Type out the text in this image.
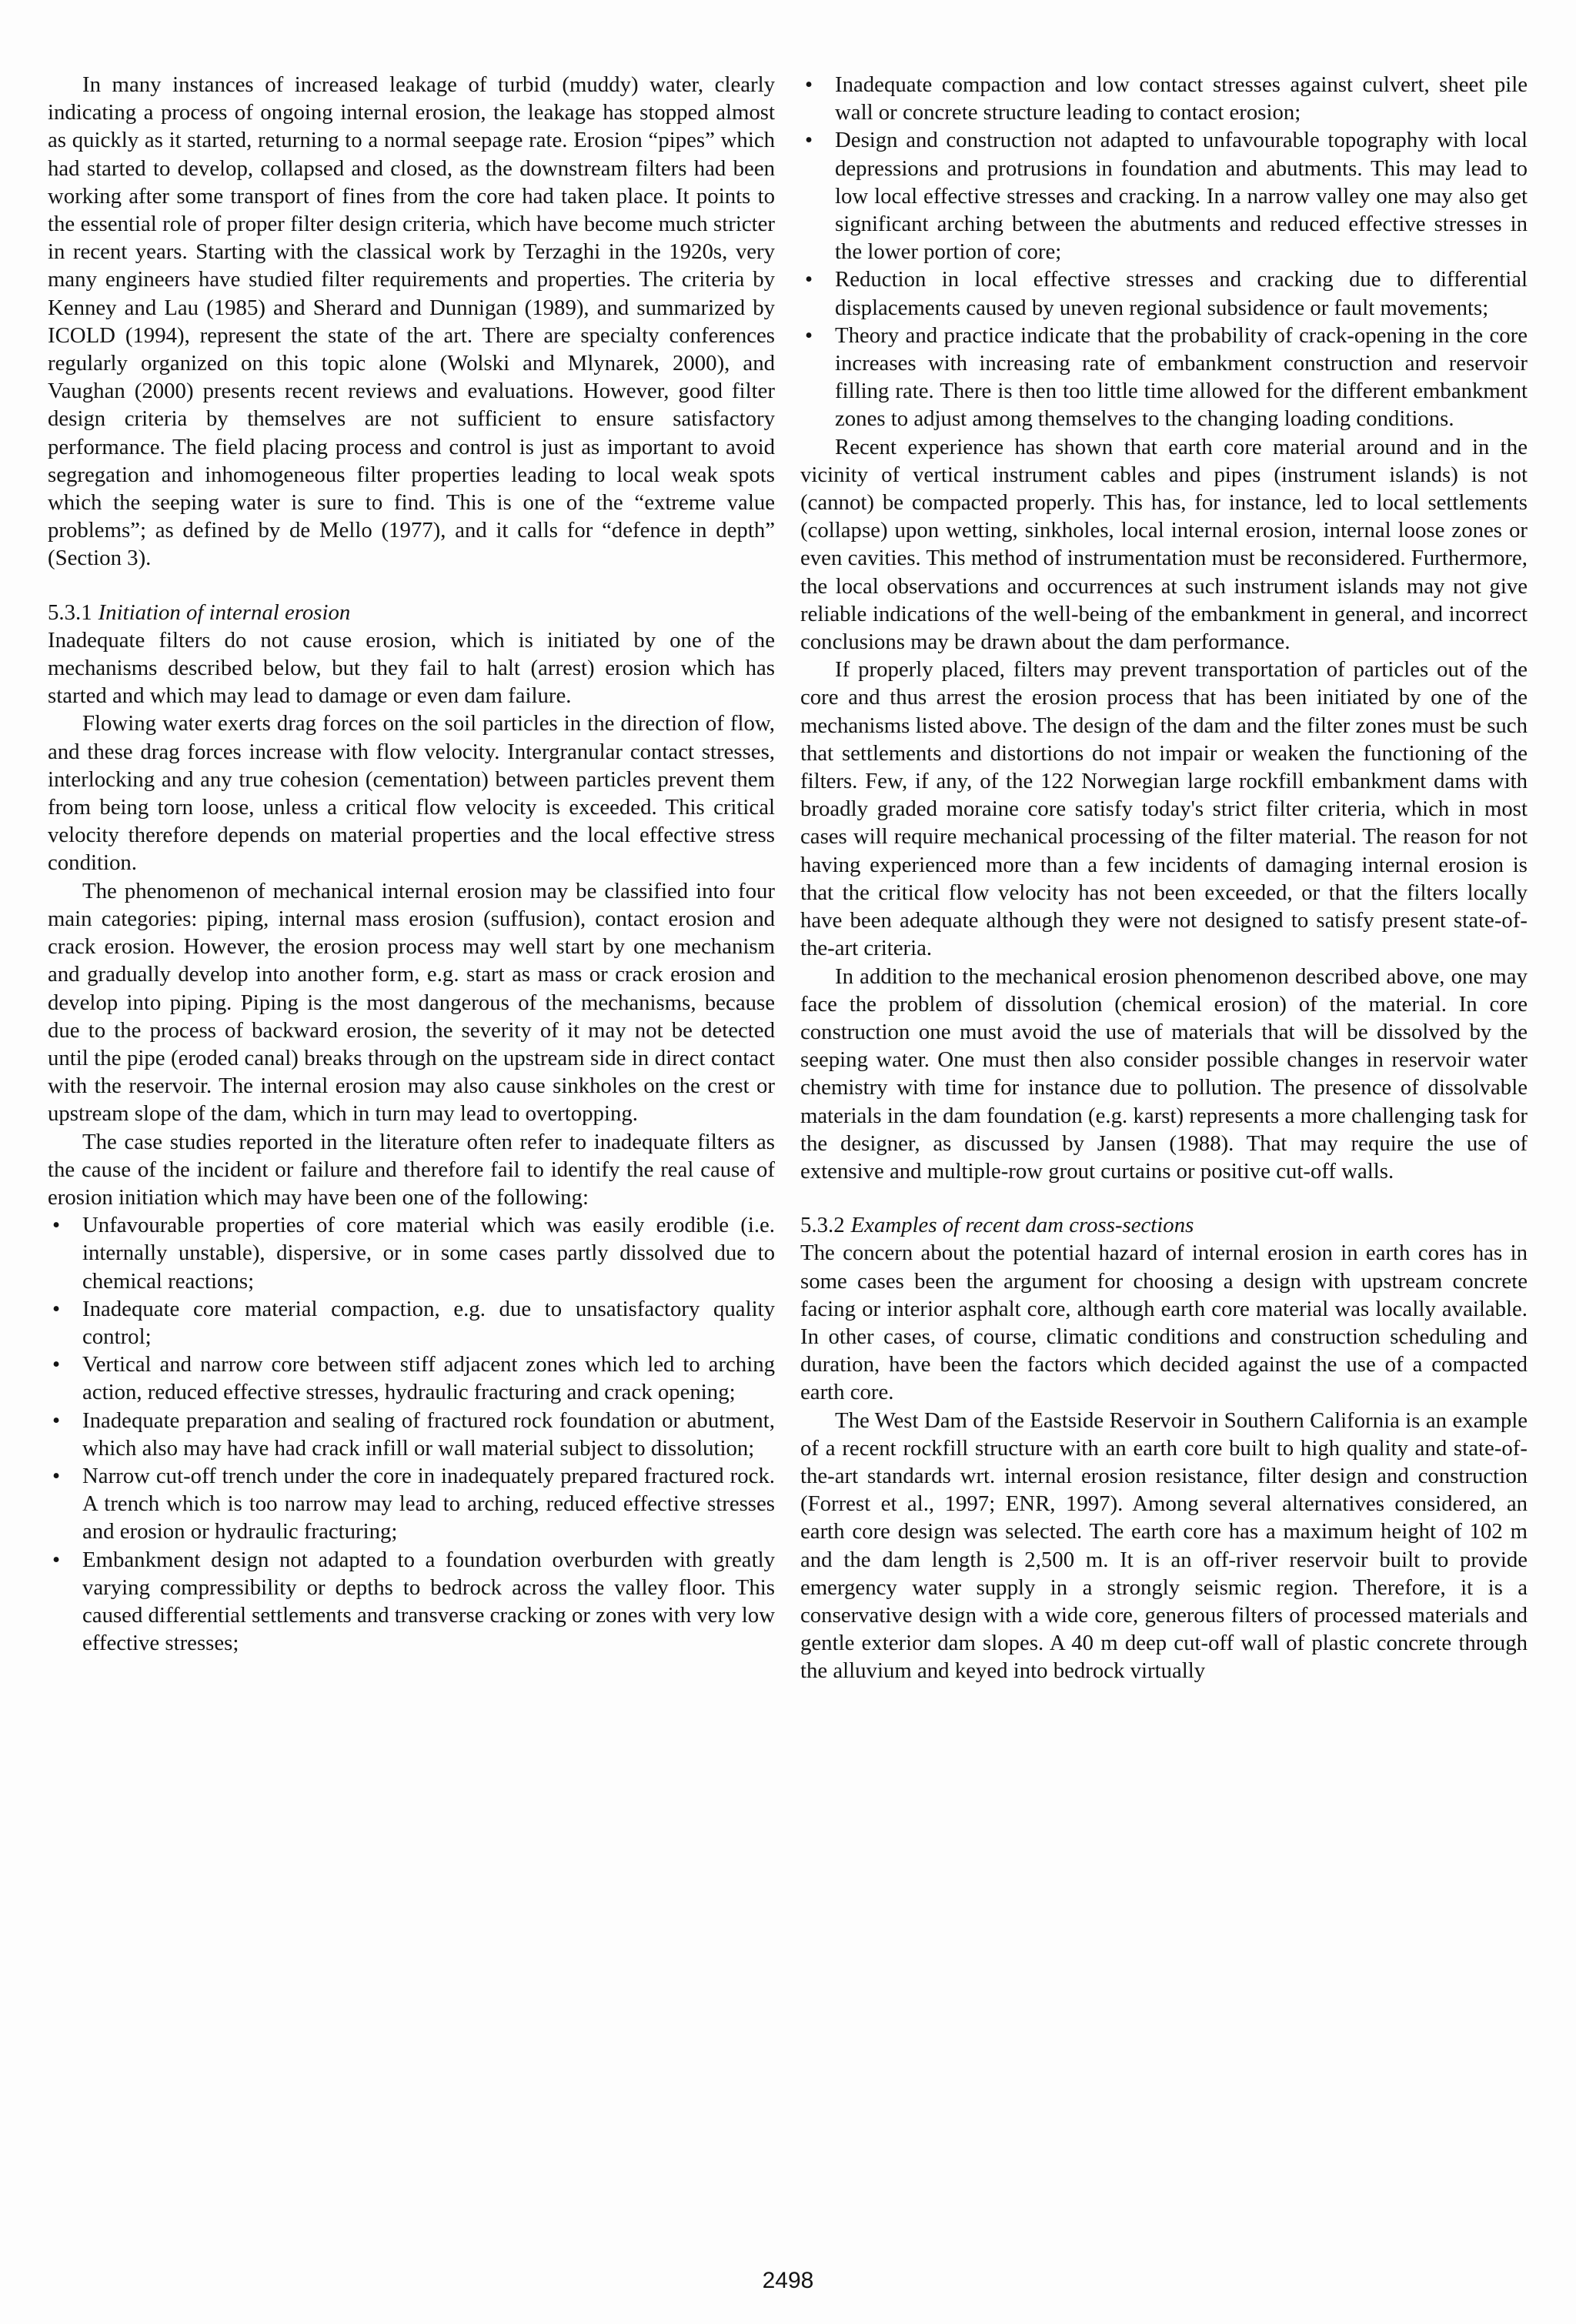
In many instances of increased leakage of turbid (muddy) water, clearly indicating a process of ongoing internal erosion, the leakage has stopped almost as quickly as it started, returning to a normal seepage rate. Erosion “pipes” which had started to develop, collapsed and closed, as the downstream filters had been working after some transport of fines from the core had taken place. It points to the essential role of proper filter design criteria, which have become much stricter in recent years. Starting with the classical work by Terzaghi in the 1920s, very many engineers have studied filter requirements and properties. The criteria by Kenney and Lau (1985) and Sherard and Dunnigan (1989), and summarized by ICOLD (1994), represent the state of the art. There are specialty conferences regularly organized on this topic alone (Wolski and Mlynarek, 2000), and Vaughan (2000) presents recent reviews and evaluations. However, good filter design criteria by themselves are not sufficient to ensure satisfactory performance. The field placing process and control is just as important to avoid segregation and inhomogeneous filter properties leading to local weak spots which the seeping water is sure to find. This is one of the “extreme value problems”; as defined by de Mello (1977), and it calls for “defence in depth” (Section 3).

5.3.1 Initiation of internal erosion

Inadequate filters do not cause erosion, which is initiated by one of the mechanisms described below, but they fail to halt (arrest) erosion which has started and which may lead to damage or even dam failure.

Flowing water exerts drag forces on the soil particles in the direction of flow, and these drag forces increase with flow velocity. Intergranular contact stresses, interlocking and any true cohesion (cementation) between particles prevent them from being torn loose, unless a critical flow velocity is exceeded. This critical velocity therefore depends on material properties and the local effective stress condition.

The phenomenon of mechanical internal erosion may be classified into four main categories: piping, internal mass erosion (suffusion), contact erosion and crack erosion. However, the erosion process may well start by one mechanism and gradually develop into another form, e.g. start as mass or crack erosion and develop into piping. Piping is the most dangerous of the mechanisms, because due to the process of backward erosion, the severity of it may not be detected until the pipe (eroded canal) breaks through on the upstream side in direct contact with the reservoir. The internal erosion may also cause sinkholes on the crest or upstream slope of the dam, which in turn may lead to overtopping.

The case studies reported in the literature often refer to inadequate filters as the cause of the incident or failure and therefore fail to identify the real cause of erosion initiation which may have been one of the following:

• Unfavourable properties of core material which was easily erodible (i.e. internally unstable), dispersive, or in some cases partly dissolved due to chemical reactions;
• Inadequate core material compaction, e.g. due to unsatisfactory quality control;
• Vertical and narrow core between stiff adjacent zones which led to arching action, reduced effective stresses, hydraulic fracturing and crack opening;
• Inadequate preparation and sealing of fractured rock foundation or abutment, which also may have had crack infill or wall material subject to dissolution;
• Narrow cut-off trench under the core in inadequately prepared fractured rock. A trench which is too narrow may lead to arching, reduced effective stresses and erosion or hydraulic fracturing;
• Embankment design not adapted to a foundation overburden with greatly varying compressibility or depths to bedrock across the valley floor. This caused differential settlements and transverse cracking or zones with very low effective stresses;
• Inadequate compaction and low contact stresses against culvert, sheet pile wall or concrete structure leading to contact erosion;
• Design and construction not adapted to unfavourable topography with local depressions and protrusions in foundation and abutments. This may lead to low local effective stresses and cracking. In a narrow valley one may also get significant arching between the abutments and reduced effective stresses in the lower portion of core;
• Reduction in local effective stresses and cracking due to differential displacements caused by uneven regional subsidence or fault movements;
• Theory and practice indicate that the probability of crack-opening in the core increases with increasing rate of embankment construction and reservoir filling rate. There is then too little time allowed for the different embankment zones to adjust among themselves to the changing loading conditions.

Recent experience has shown that earth core material around and in the vicinity of vertical instrument cables and pipes (instrument islands) is not (cannot) be compacted properly. This has, for instance, led to local settlements (collapse) upon wetting, sinkholes, local internal erosion, internal loose zones or even cavities. This method of instrumentation must be reconsidered. Furthermore, the local observations and occurrences at such instrument islands may not give reliable indications of the well-being of the embankment in general, and incorrect conclusions may be drawn about the dam performance.

If properly placed, filters may prevent transportation of particles out of the core and thus arrest the erosion process that has been initiated by one of the mechanisms listed above. The design of the dam and the filter zones must be such that settlements and distortions do not impair or weaken the functioning of the filters. Few, if any, of the 122 Norwegian large rockfill embankment dams with broadly graded moraine core satisfy today's strict filter criteria, which in most cases will require mechanical processing of the filter material. The reason for not having experienced more than a few incidents of damaging internal erosion is that the critical flow velocity has not been exceeded, or that the filters locally have been adequate although they were not designed to satisfy present state-of-the-art criteria.

In addition to the mechanical erosion phenomenon described above, one may face the problem of dissolution (chemical erosion) of the material. In core construction one must avoid the use of materials that will be dissolved by the seeping water. One must then also consider possible changes in reservoir water chemistry with time for instance due to pollution. The presence of dissolvable materials in the dam foundation (e.g. karst) represents a more challenging task for the designer, as discussed by Jansen (1988). That may require the use of extensive and multiple-row grout curtains or positive cut-off walls.

5.3.2 Examples of recent dam cross-sections

The concern about the potential hazard of internal erosion in earth cores has in some cases been the argument for choosing a design with upstream concrete facing or interior asphalt core, although earth core material was locally available. In other cases, of course, climatic conditions and construction scheduling and duration, have been the factors which decided against the use of a compacted earth core.

The West Dam of the Eastside Reservoir in Southern California is an example of a recent rockfill structure with an earth core built to high quality and state-of-the-art standards wrt. internal erosion resistance, filter design and construction (Forrest et al., 1997; ENR, 1997). Among several alternatives considered, an earth core design was selected. The earth core has a maximum height of 102 m and the dam length is 2,500 m. It is an off-river reservoir built to provide emergency water supply in a strongly seismic region. Therefore, it is a conservative design with a wide core, generous filters of processed materials and gentle exterior dam slopes. A 40 m deep cut-off wall of plastic concrete through the alluvium and keyed into bedrock virtually

2498
